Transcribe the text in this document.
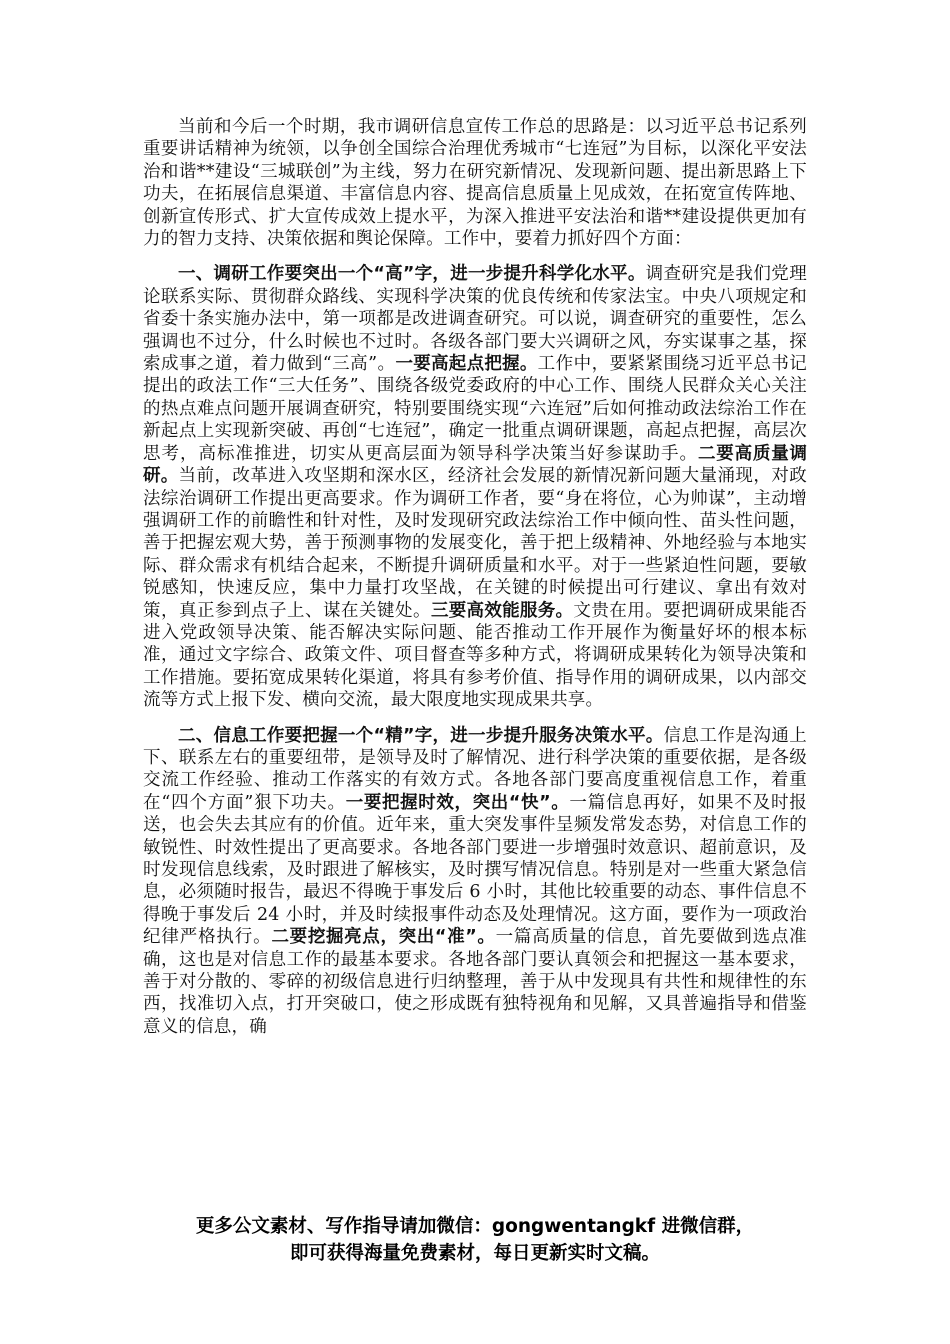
当前和今后一个时期，我市调研信息宣传工作总的思路是：以习近平总书记系列重要讲话精神为统领，以争创全国综合治理优秀城市“七连冠”为目标，以深化平安法治和谐**建设“三城联创”为主线，努力在研究新情况、发现新问题、提出新思路上下功夫，在拓展信息渠道、丰富信息内容、提高信息质量上见成效，在拓宽宣传阵地、创新宣传形式、扩大宣传成效上提水平，为深入推进平安法治和谐**建设提供更加有力的智力支持、决策依据和舆论保障。工作中，要着力抓好四个方面：

一、调研工作要突出一个“高”字，进一步提升科学化水平。调查研究是我们党理论联系实际、贯彻群众路线、实现科学决策的优良传统和传家法宝。中央八项规定和省委十条实施办法中，第一项都是改进调查研究。可以说，调查研究的重要性，怎么强调也不过分，什么时候也不过时。各级各部门要大兴调研之风，夯实谋事之基，探索成事之道，着力做到“三高”。一要高起点把握。工作中，要紧紧围绕习近平总书记提出的政法工作“三大任务”、围绕各级党委政府的中心工作、围绕人民群众关心关注的热点难点问题开展调查研究，特别要围绕实现“六连冠”后如何推动政法综治工作在新起点上实现新突破、再创“七连冠”，确定一批重点调研课题，高起点把握，高层次思考，高标准推进，切实从更高层面为领导科学决策当好参谋助手。二要高质量调研。当前，改革进入攻坚期和深水区，经济社会发展的新情况新问题大量涌现，对政法综治调研工作提出更高要求。作为调研工作者，要“身在将位，心为帅谋”，主动增强调研工作的前瞻性和针对性，及时发现研究政法综治工作中倾向性、苗头性问题，善于把握宏观大势，善于预测事物的发展变化，善于把上级精神、外地经验与本地实际、群众需求有机结合起来，不断提升调研质量和水平。对于一些紧迫性问题，要敏锐感知，快速反应，集中力量打攻坚战，在关键的时候提出可行建议、拿出有效对策，真正参到点子上、谋在关键处。三要高效能服务。文贵在用。要把调研成果能否进入党政领导决策、能否解决实际问题、能否推动工作开展作为衡量好坏的根本标准，通过文字综合、政策文件、项目督查等多种方式，将调研成果转化为领导决策和工作措施。要拓宽成果转化渠道，将具有参考价值、指导作用的调研成果，以内部交流等方式上报下发、横向交流，最大限度地实现成果共享。

二、信息工作要把握一个“精”字，进一步提升服务决策水平。信息工作是沟通上下、联系左右的重要纽带，是领导及时了解情况、进行科学决策的重要依据，是各级交流工作经验、推动工作落实的有效方式。各地各部门要高度重视信息工作，着重在“四个方面”狠下功夫。一要把握时效，突出“快”。一篇信息再好，如果不及时报送，也会失去其应有的价值。近年来，重大突发事件呈频发常发态势，对信息工作的敏锐性、时效性提出了更高要求。各地各部门要进一步增强时效意识、超前意识，及时发现信息线索，及时跟进了解核实，及时撰写情况信息。特别是对一些重大紧急信息，必须随时报告，最迟不得晚于事发后 6 小时，其他比较重要的动态、事件信息不得晚于事发后 24 小时，并及时续报事件动态及处理情况。这方面，要作为一项政治纪律严格执行。二要挖掘亮点，突出“准”。一篇高质量的信息，首先要做到选点准确，这也是对信息工作的最基本要求。各地各部门要认真领会和把握这一基本要求，善于对分散的、零碎的初级信息进行归纳整理，善于从中发现具有共性和规律性的东西，找准切入点，打开突破口，使之形成既有独特视角和见解，又具普遍指导和借鉴意义的信息，确

更多公文素材、写作指导请加微信：gongwentangkf 进微信群，
即可获得海量免费素材，每日更新实时文稿。
